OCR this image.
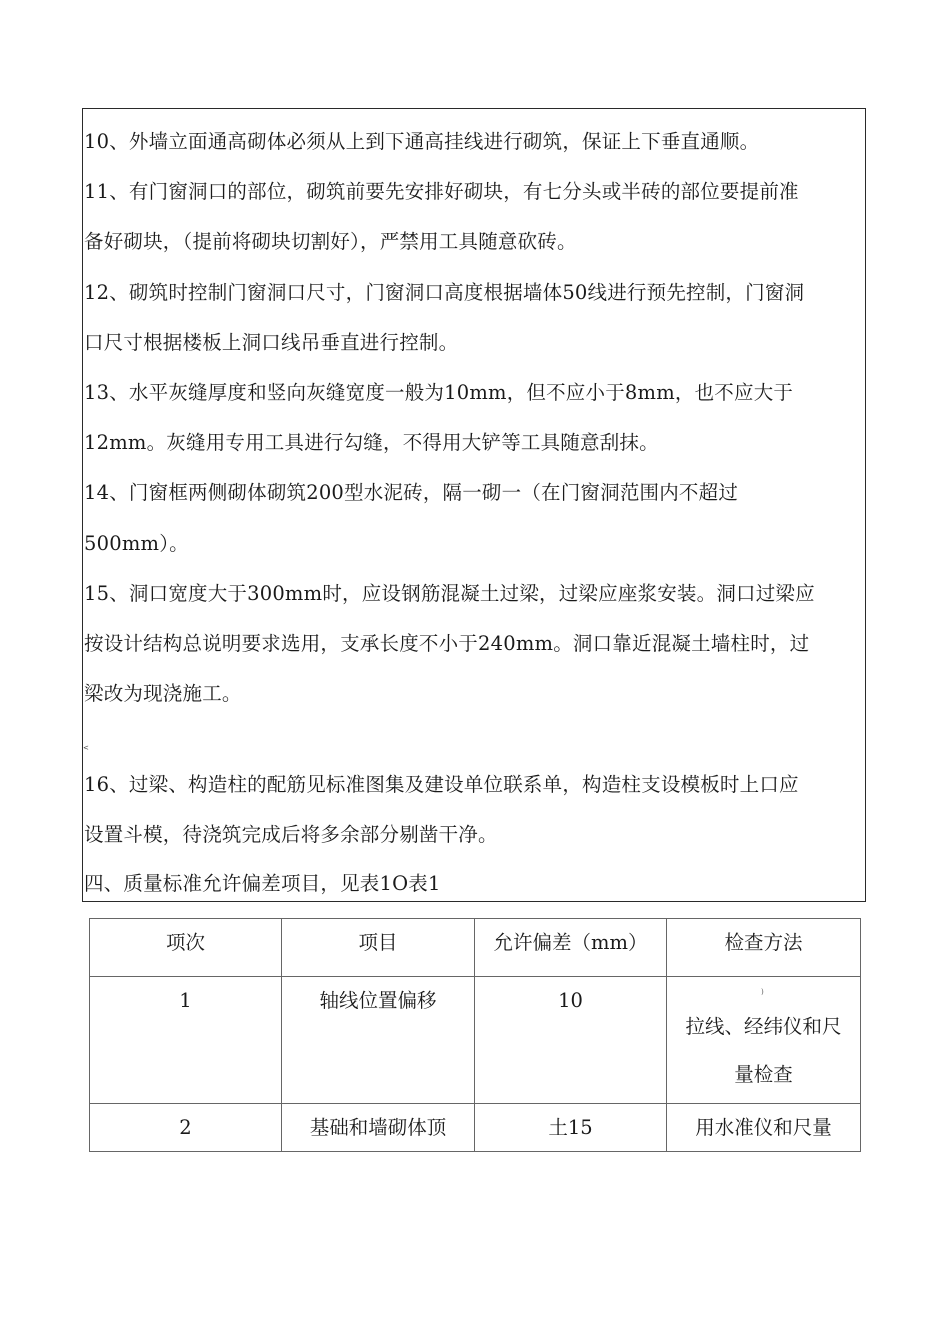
10、外墙立面通高砌体必须从上到下通高挂线进行砌筑，保证上下垂直通顺。
11、有门窗洞口的部位，砌筑前要先安排好砌块，有七分头或半砖的部位要提前准
备好砌块，（提前将砌块切割好），严禁用工具随意砍砖。
12、砌筑时控制门窗洞口尺寸，门窗洞口高度根据墙体50线进行预先控制，门窗洞
口尺寸根据楼板上洞口线吊垂直进行控制。
13、水平灰缝厚度和竖向灰缝宽度一般为10mm，但不应小于8mm，也不应大于
12mm。灰缝用专用工具进行勾缝，不得用大铲等工具随意刮抹。
14、门窗框两侧砌体砌筑200型水泥砖，隔一砌一（在门窗洞范围内不超过
500mm）。
15、洞口宽度大于300mm时，应设钢筋混凝土过梁，过梁应座浆安装。洞口过梁应
按设计结构总说明要求选用，支承长度不小于240mm。洞口靠近混凝土墙柱时，过
梁改为现浇施工。
<
16、过梁、构造柱的配筋见标准图集及建设单位联系单，构造柱支设模板时上口应
设置斗模，待浇筑完成后将多余部分剔凿干净。
四、质量标准允许偏差项目，见表1O表1
项次	项目	允许偏差（mm）	检查方法

1	轴线位置偏移	10	拉线、经纬仪和尺
量检查

2	基础和墙砌体顶	土15	用水准仪和尺量
)
